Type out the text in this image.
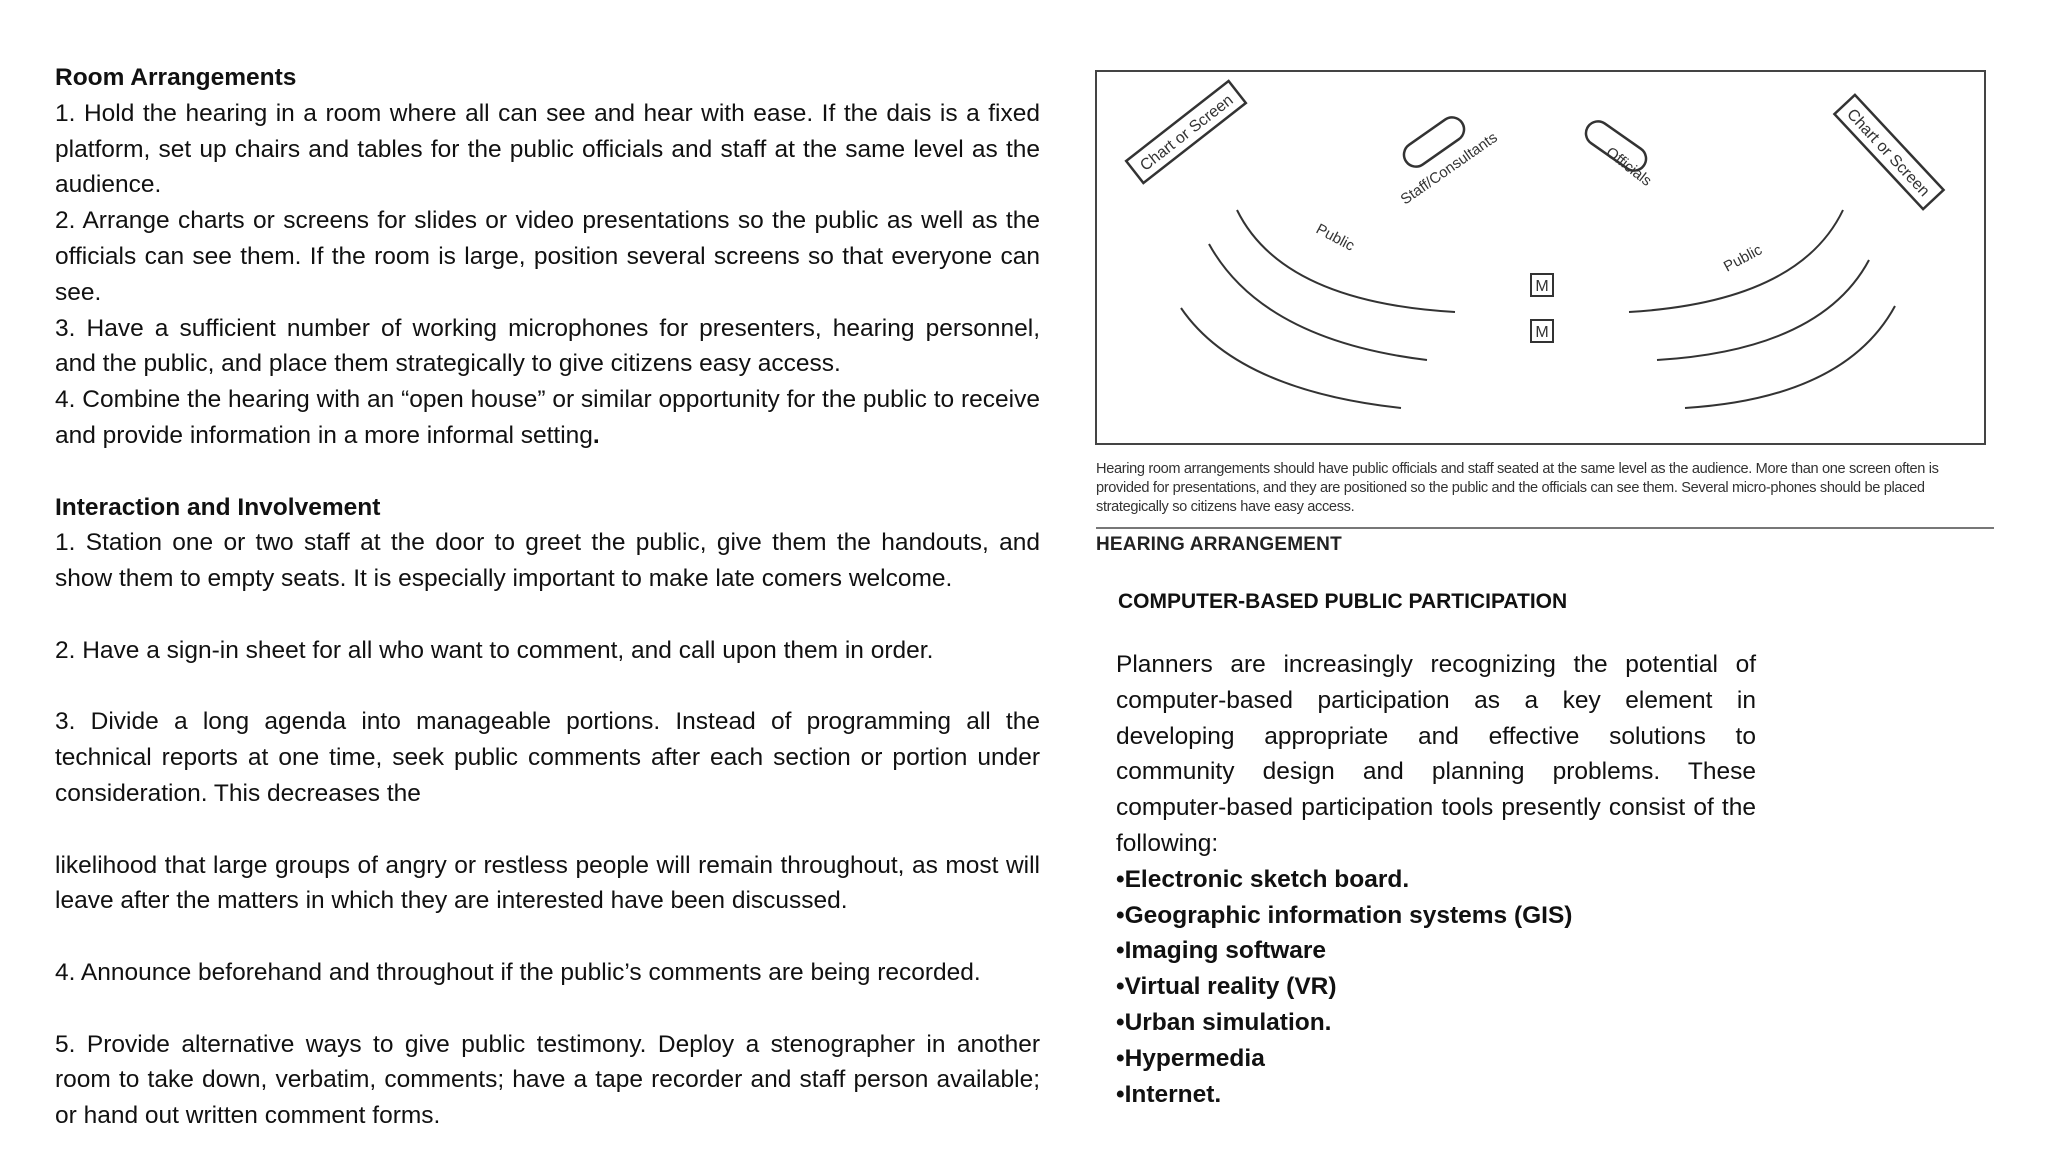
Room Arrangements

1. Hold the hearing in a room where all can see and hear with ease. If the dais is a fixed platform, set up chairs and tables for the public officials and staff at the same level as the audience.

2. Arrange charts or screens for slides or video presentations so the public as well as the officials can see them. If the room is large, position several screens so that everyone can see.

3. Have a sufficient number of working microphones for presenters, hearing personnel, and the public, and place them strategically to give citizens easy access.

4. Combine the hearing with an “open house” or similar opportunity for the public to receive and provide information in a more informal setting.

Interaction and Involvement

1. Station one or two staff at the door to greet the public, give them the handouts, and show them to empty seats. It is especially important to make late comers welcome.

2. Have a sign-in sheet for all who want to comment, and call upon them in order.

3. Divide a long agenda into manageable portions. Instead of programming all the technical reports at one time, seek public comments after each section or portion under consideration. This decreases the

likelihood that large groups of angry or restless people will remain throughout, as most will leave after the matters in which they are interested have been discussed.

4. Announce beforehand and throughout if the public’s comments are being recorded.

5. Provide alternative ways to give public testimony. Deploy a stenographer in another room to take down, verbatim, comments; have a tape recorder and staff person available; or hand out written comment forms.

Chart or Screen	Chart or Screen
Staff/Consultants	Officials
Public
Public
M
M
Hearing room arrangements should have public officials and staff seated at the same level as the audience. More than one screen often is provided for presentations, and they are positioned so the public and the officials can see them. Several micro-phones should be placed strategically so citizens have easy access.
HEARING ARRANGEMENT
COMPUTER-BASED PUBLIC PARTICIPATION

Planners are increasingly recognizing the potential of computer-based participation as a key element in developing appropriate and effective solutions to community design and planning problems. These computer-based participation tools presently consist of the following:

•Electronic sketch board.
•Geographic information systems (GIS)
•Imaging software
•Virtual reality (VR)
•Urban simulation.
•Hypermedia
•Internet.
